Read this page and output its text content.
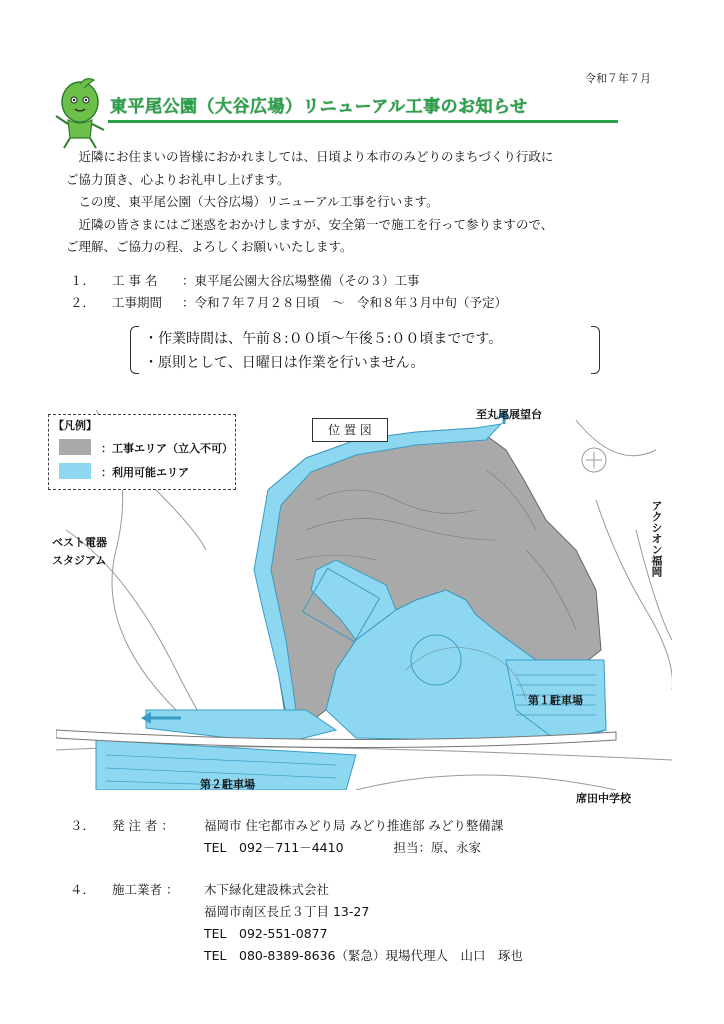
令和７年７月
東平尾公園（大谷広場）リニューアル工事のお知らせ

　近隣にお住まいの皆様におかれましては、日頃より本市のみどりのまちづくり行政に

ご協力頂き、心よりお礼申し上げます。

　この度、東平尾公園（大谷広場）リニューアル工事を行います。

　近隣の皆さまにはご迷惑をおかけしますが、安全第一で施工を行って参りますので、

ご理解、ご協力の程、よろしくお願いいたします。

１． 工 事 名 ：東平尾公園大谷広場整備（その３）工事
２． 工事期間 ：令和７年７月２８日頃　～　令和８年３月中旬（予定）
・作業時間は、午前８:００頃～午後５:００頃までです。
・原則として、日曜日は作業を行いません。
【凡例】
：工事エリア（立入不可）
：利用可能エリア
位 置 図
至丸尾展望台
ベスト電器
スタジアム	アクシオン福岡
第１駐車場
第２駐車場
席田中学校
３． 発 注 者 ： 福岡市 住宅都市みどり局 みどり推進部 みどり整備課
TEL　092－711－4410　　　　担当：原、永家
４． 施工業者 ： 木下緑化建設株式会社
福岡市南区長丘３丁目 13-27
TEL　092-551-0877
TEL　080-8389-8636（緊急）現場代理人　山口　琢也
